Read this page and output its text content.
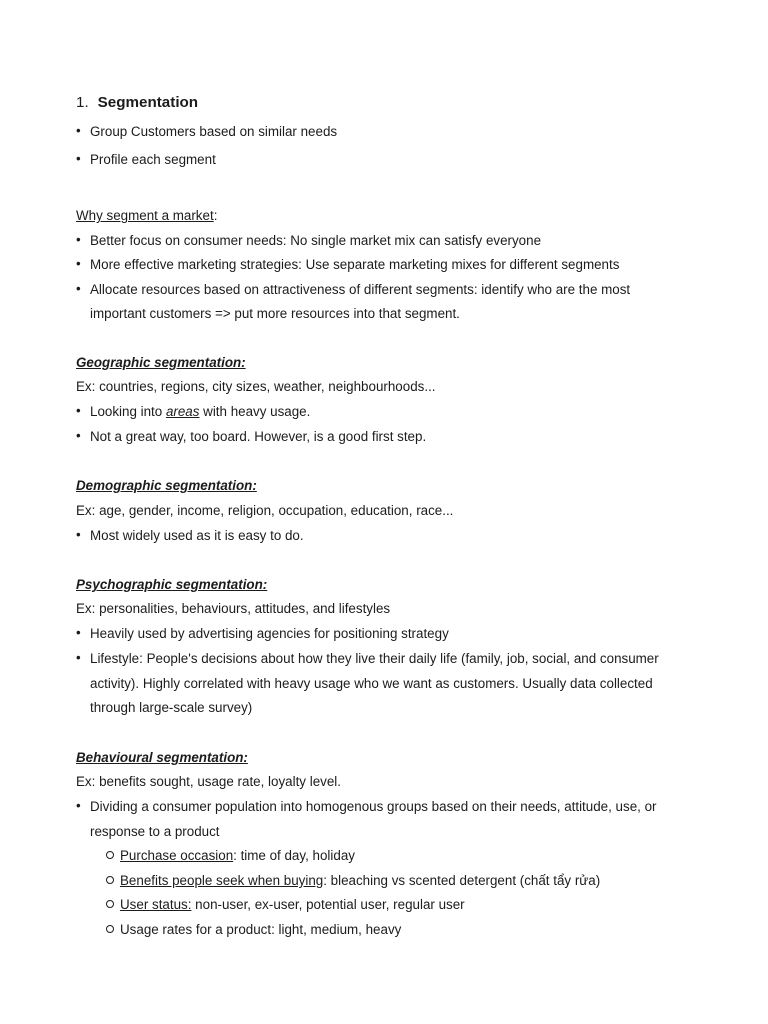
1. Segmentation
• Group Customers based on similar needs
• Profile each segment
Why segment a market:
• Better focus on consumer needs: No single market mix can satisfy everyone
• More effective marketing strategies: Use separate marketing mixes for different segments
• Allocate resources based on attractiveness of different segments: identify who are the most
important customers => put more resources into that segment.
Geographic segmentation:
Ex: countries, regions, city sizes, weather, neighbourhoods...
• Looking into areas with heavy usage.
• Not a great way, too board. However, is a good first step.
Demographic segmentation:
Ex: age, gender, income, religion, occupation, education, race...
• Most widely used as it is easy to do.
Psychographic segmentation:
Ex: personalities, behaviours, attitudes, and lifestyles
• Heavily used by advertising agencies for positioning strategy
• Lifestyle: People's decisions about how they live their daily life (family, job, social, and consumer
activity). Highly correlated with heavy usage who we want as customers. Usually data collected
through large-scale survey)
Behavioural segmentation:
Ex: benefits sought, usage rate, loyalty level.
• Dividing a consumer population into homogenous groups based on their needs, attitude, use, or
response to a product
Purchase occasion: time of day, holiday
Benefits people seek when buying: bleaching vs scented detergent (chất tẩy rửa)
User status: non-user, ex-user, potential user, regular user
Usage rates for a product: light, medium, heavy
